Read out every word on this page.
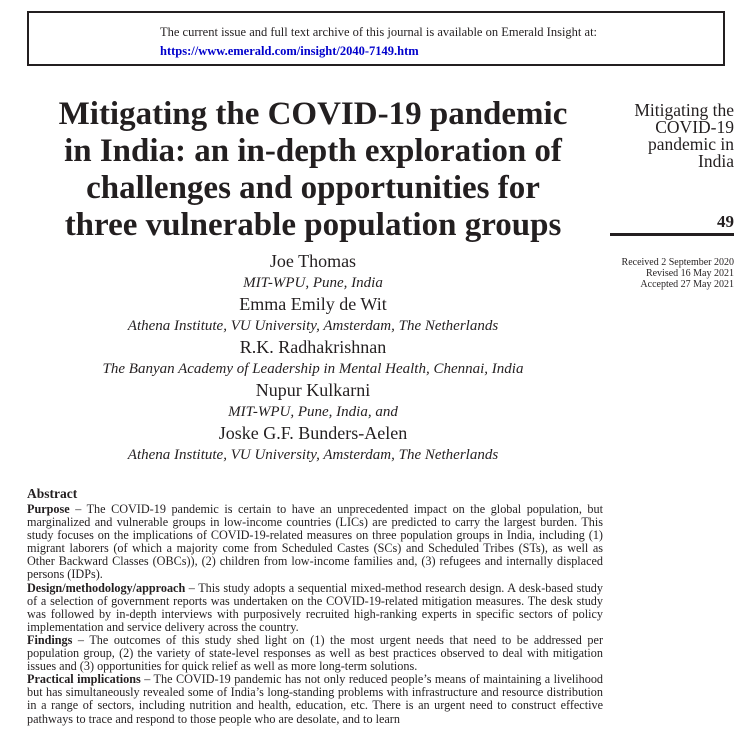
The current issue and full text archive of this journal is available on Emerald Insight at:
https://www.emerald.com/insight/2040-7149.htm
Mitigating the COVID-19 pandemic
in India: an in-depth exploration of
challenges and opportunities for
three vulnerable population groups
Mitigating the
COVID-19
pandemic in
India
49
Received 2 September 2020
Revised 16 May 2021
Accepted 27 May 2021
Joe Thomas
MIT-WPU, Pune, India
Emma Emily de Wit
Athena Institute, VU University, Amsterdam, The Netherlands
R.K. Radhakrishnan
The Banyan Academy of Leadership in Mental Health, Chennai, India
Nupur Kulkarni
MIT-WPU, Pune, India, and
Joske G.F. Bunders-Aelen
Athena Institute, VU University, Amsterdam, The Netherlands
Abstract

Purpose – The COVID-19 pandemic is certain to have an unprecedented impact on the global population, but marginalized and vulnerable groups in low-income countries (LICs) are predicted to carry the largest burden. This study focuses on the implications of COVID-19-related measures on three population groups in India, including (1) migrant laborers (of which a majority come from Scheduled Castes (SCs) and Scheduled Tribes (STs), as well as Other Backward Classes (OBCs)), (2) children from low-income families and, (3) refugees and internally displaced persons (IDPs).

Design/methodology/approach – This study adopts a sequential mixed-method research design. A desk-based study of a selection of government reports was undertaken on the COVID-19-related mitigation measures. The desk study was followed by in-depth interviews with purposively recruited high-ranking experts in specific sectors of policy implementation and service delivery across the country.

Findings – The outcomes of this study shed light on (1) the most urgent needs that need to be addressed per population group, (2) the variety of state-level responses as well as best practices observed to deal with mitigation issues and (3) opportunities for quick relief as well as more long-term solutions.

Practical implications – The COVID-19 pandemic has not only reduced people’s means of maintaining a livelihood but has simultaneously revealed some of India’s long-standing problems with infrastructure and resource distribution in a range of sectors, including nutrition and health, education, etc. There is an urgent need to construct effective pathways to trace and respond to those people who are desolate, and to learn
